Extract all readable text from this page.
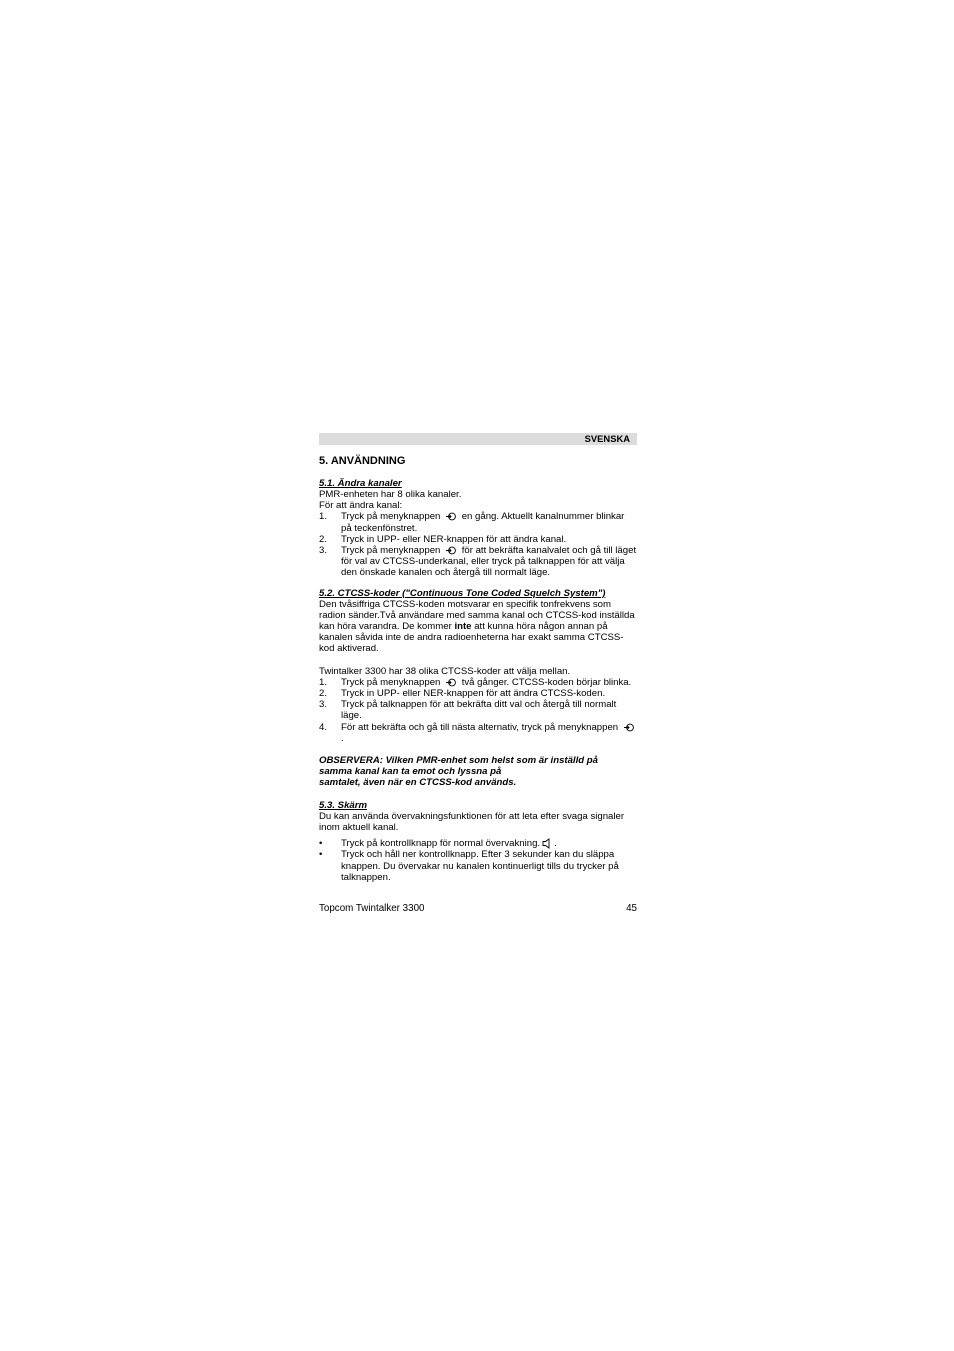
SVENSKA
5. ANVÄNDNING
5.1. Ändra kanaler
PMR-enheten har 8 olika kanaler.
För att ändra kanal:
1.	Tryck på menyknappen en gång. Aktuellt kanalnummer blinkar på teckenfönstret.
2.	Tryck in UPP- eller NER-knappen för att ändra kanal.
3.	Tryck på menyknappen för att bekräfta kanalvalet och gå till läget för val av CTCSS-underkanal, eller tryck på talknappen för att välja den önskade kanalen och återgå till normalt läge.
5.2. CTCSS-koder ("Continuous Tone Coded Squelch System")
Den tvåsiffriga CTCSS-koden motsvarar en specifik tonfrekvens som radion sänder.Två användare med samma kanal och CTCSS-kod inställda kan höra varandra. De kommer inte att kunna höra någon annan på kanalen såvida inte de andra radioenheterna har exakt samma CTCSS-kod aktiverad.
Twintalker 3300 har 38 olika CTCSS-koder att välja mellan.
1.	Tryck på menyknappen två gånger. CTCSS-koden börjar blinka.
2.	Tryck in UPP- eller NER-knappen för att ändra CTCSS-koden.
3.	Tryck på talknappen för att bekräfta ditt val och återgå till normalt läge.
4.	För att bekräfta och gå till nästa alternativ, tryck på menyknappen .
OBSERVERA: Vilken PMR-enhet som helst som är inställd på
samma kanal kan ta emot och lyssna på
samtalet, även när en CTCSS-kod används.
5.3. Skärm
Du kan använda övervakningsfunktionen för att leta efter svaga signaler inom aktuell kanal.
•	Tryck på kontrollknapp för normal övervakning. .
•	Tryck och håll ner kontrollknapp. Efter 3 sekunder kan du släppa knappen. Du övervakar nu kanalen kontinuerligt tills du trycker på talknappen.
Topcom Twintalker 3300	45
